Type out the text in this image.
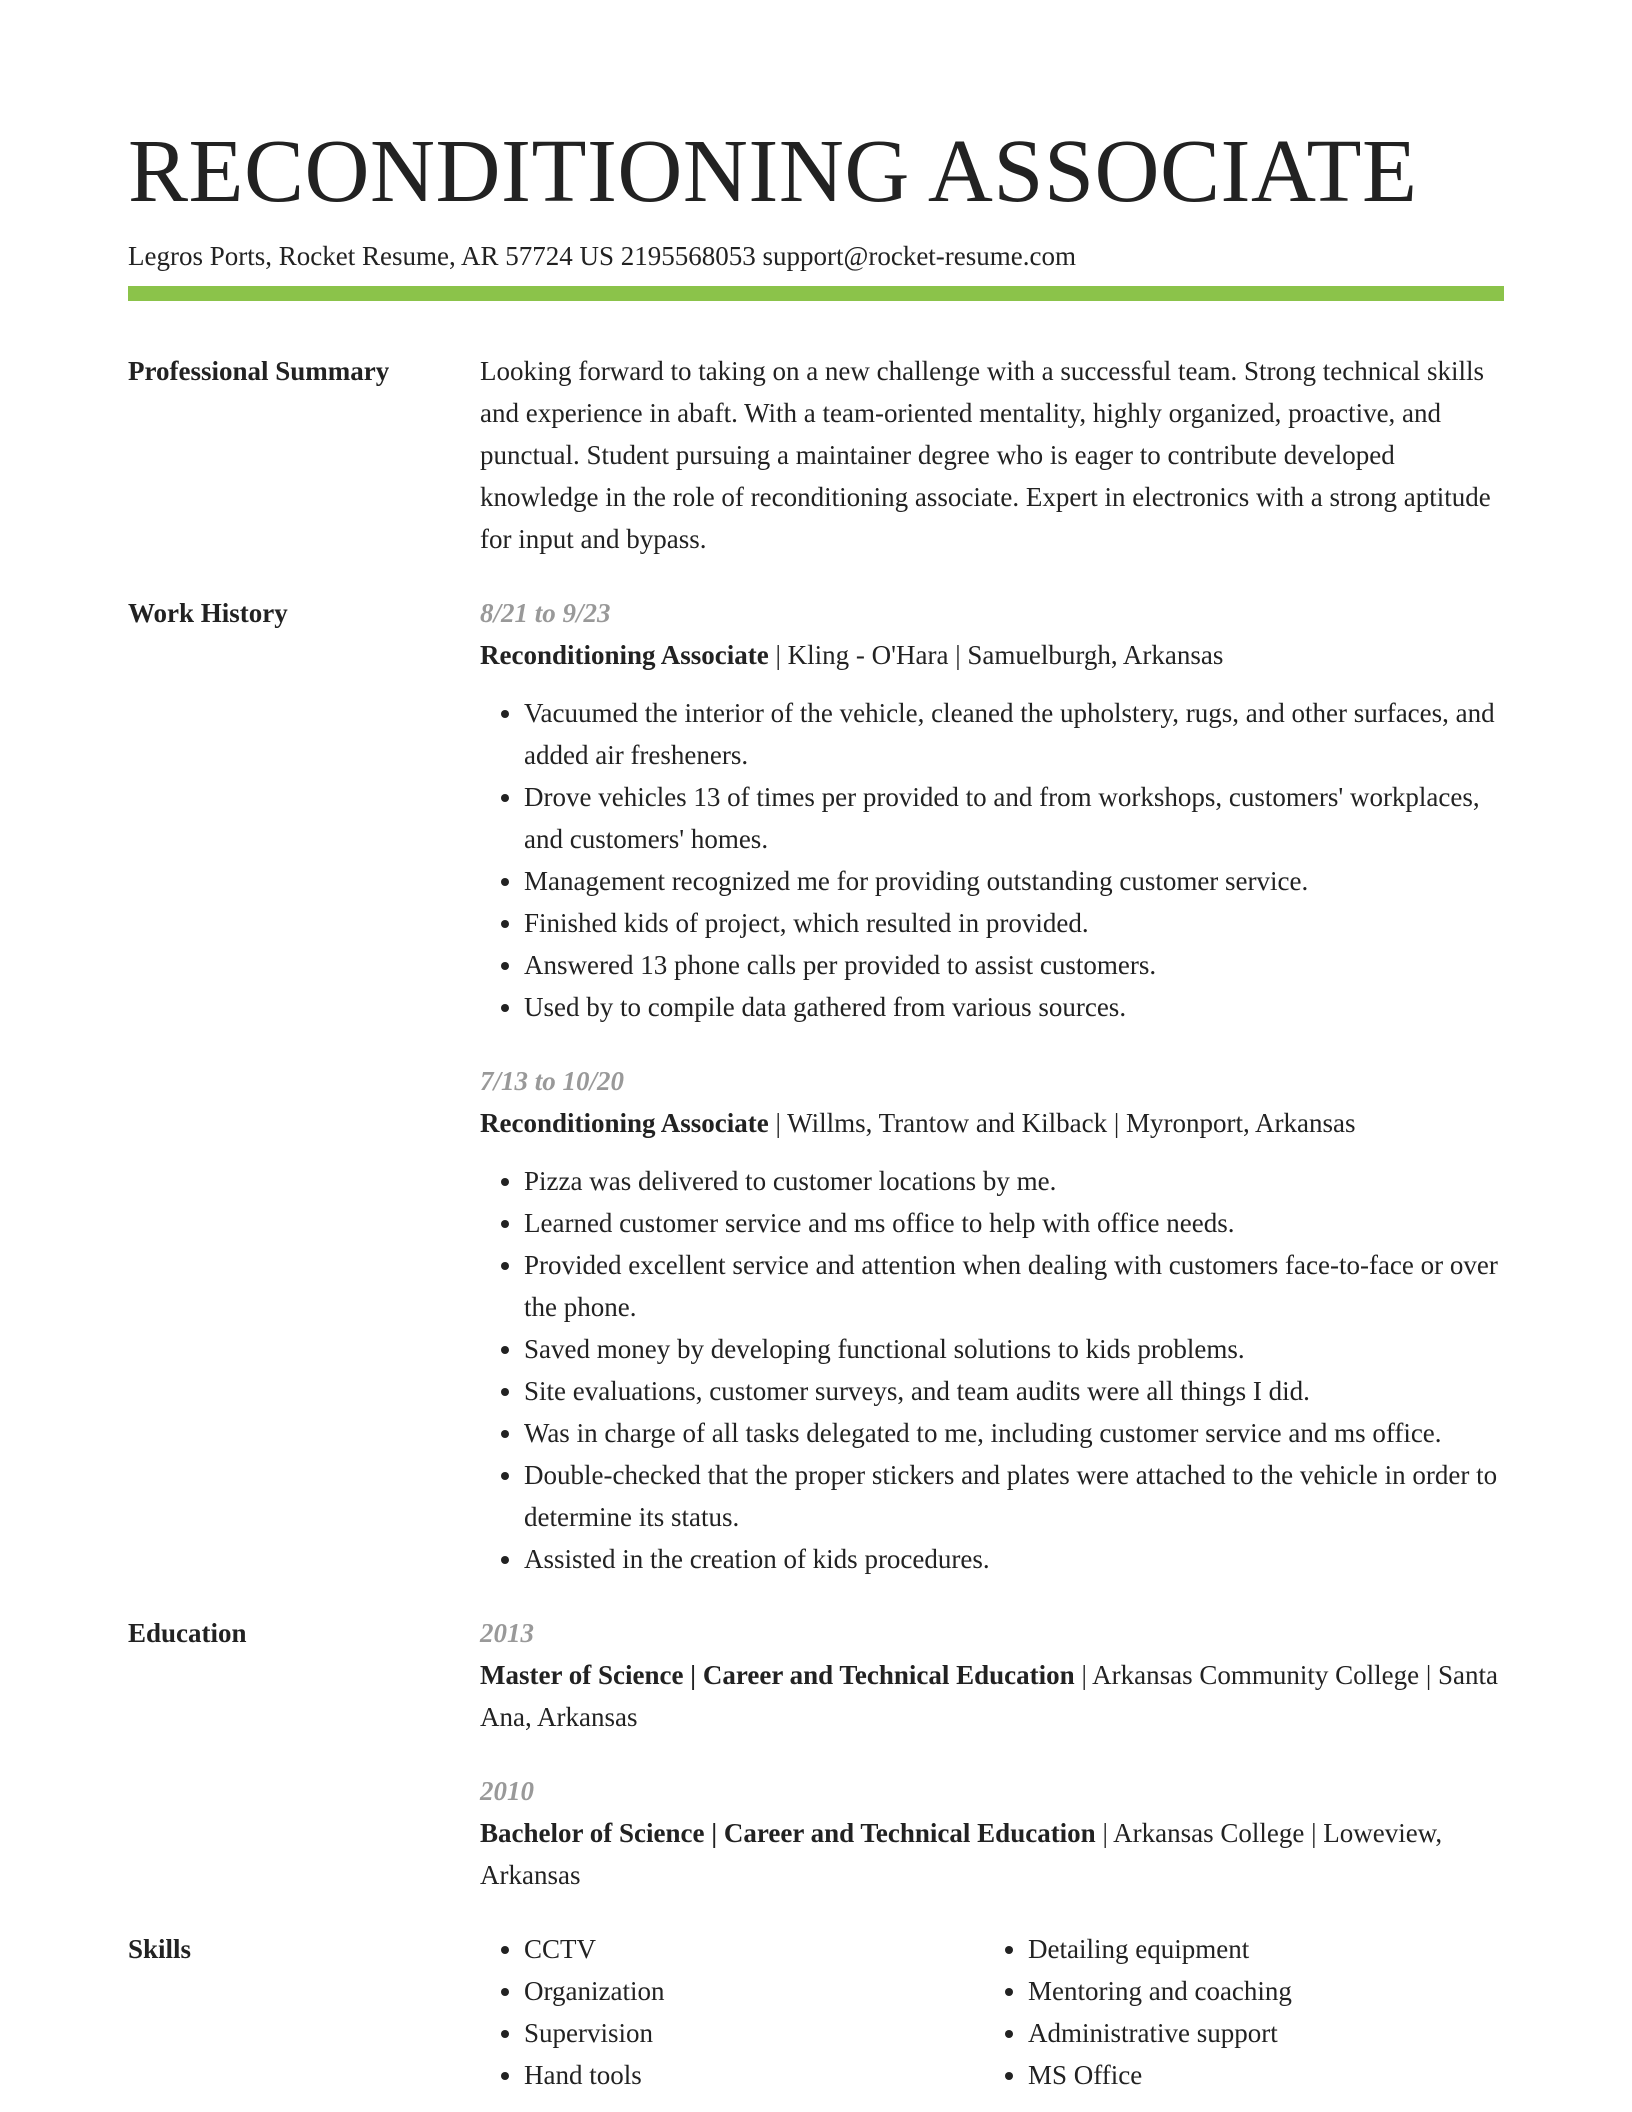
RECONDITIONING ASSOCIATE
Legros Ports, Rocket Resume, AR 57724 US 2195568053 support@rocket-resume.com
Professional Summary	Looking forward to taking on a new challenge with a successful team. Strong technical skills and experience in abaft. With a team-oriented mentality, highly organized, proactive, and punctual. Student pursuing a maintainer degree who is eager to contribute developed knowledge in the role of reconditioning associate. Expert in electronics with a strong aptitude for input and bypass.

Work History	8/21 to 9/23
Reconditioning Associate | Kling - O'Hara | Samuelburgh, Arkansas
• Vacuumed the interior of the vehicle, cleaned the upholstery, rugs, and other surfaces, and added air fresheners.
• Drove vehicles 13 of times per provided to and from workshops, customers' workplaces, and customers' homes.
• Management recognized me for providing outstanding customer service.
• Finished kids of project, which resulted in provided.
• Answered 13 phone calls per provided to assist customers.
• Used by to compile data gathered from various sources.
7/13 to 10/20
Reconditioning Associate | Willms, Trantow and Kilback | Myronport, Arkansas
• Pizza was delivered to customer locations by me.
• Learned customer service and ms office to help with office needs.
• Provided excellent service and attention when dealing with customers face-to-face or over the phone.
• Saved money by developing functional solutions to kids problems.
• Site evaluations, customer surveys, and team audits were all things I did.
• Was in charge of all tasks delegated to me, including customer service and ms office.
• Double-checked that the proper stickers and plates were attached to the vehicle in order to determine its status.
• Assisted in the creation of kids procedures.
Education	2013
Master of Science | Career and Technical Education | Arkansas Community College | Santa Ana, Arkansas
2010
Bachelor of Science | Career and Technical Education | Arkansas College | Loweview, Arkansas
Skills
•	CCTV
• Organization
• Supervision
• Hand tools
• Detailing equipment
• Mentoring and coaching
• Administrative support
• MS Office
